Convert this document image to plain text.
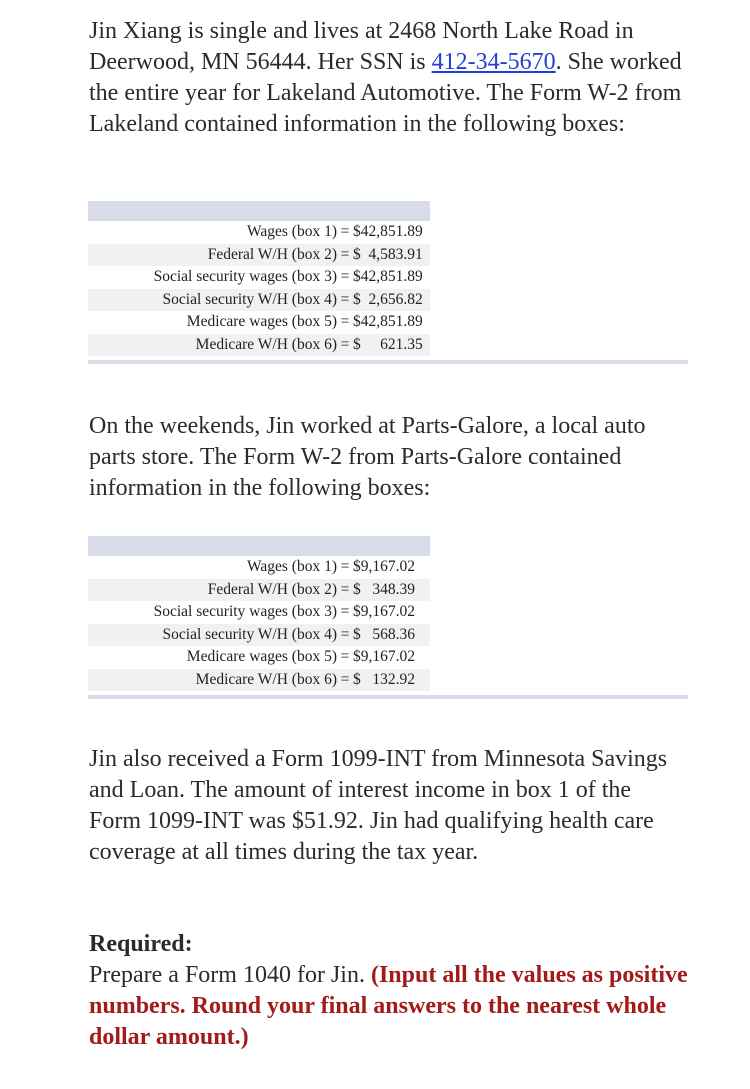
Jin Xiang is single and lives at 2468 North Lake Road in Deerwood, MN 56444. Her SSN is 412-34-5670. She worked the entire year for Lakeland Automotive. The Form W-2 from Lakeland contained information in the following boxes:

Wages (box 1) = $42,851.89
Federal W/H (box 2) = $  4,583.91
Social security wages (box 3) = $42,851.89
Social security W/H (box 4) = $  2,656.82
Medicare wages (box 5) = $42,851.89
Medicare W/H (box 6) = $     621.35

On the weekends, Jin worked at Parts-Galore, a local auto parts store. The Form W-2 from Parts-Galore contained information in the following boxes:

Wages (box 1) = $9,167.02
Federal W/H (box 2) = $   348.39
Social security wages (box 3) = $9,167.02
Social security W/H (box 4) = $   568.36
Medicare wages (box 5) = $9,167.02
Medicare W/H (box 6) = $   132.92

Jin also received a Form 1099-INT from Minnesota Savings and Loan. The amount of interest income in box 1 of the Form 1099-INT was $51.92. Jin had qualifying health care coverage at all times during the tax year.

Required:

Prepare a Form 1040 for Jin. (Input all the values as positive numbers. Round your final answers to the nearest whole dollar amount.)
